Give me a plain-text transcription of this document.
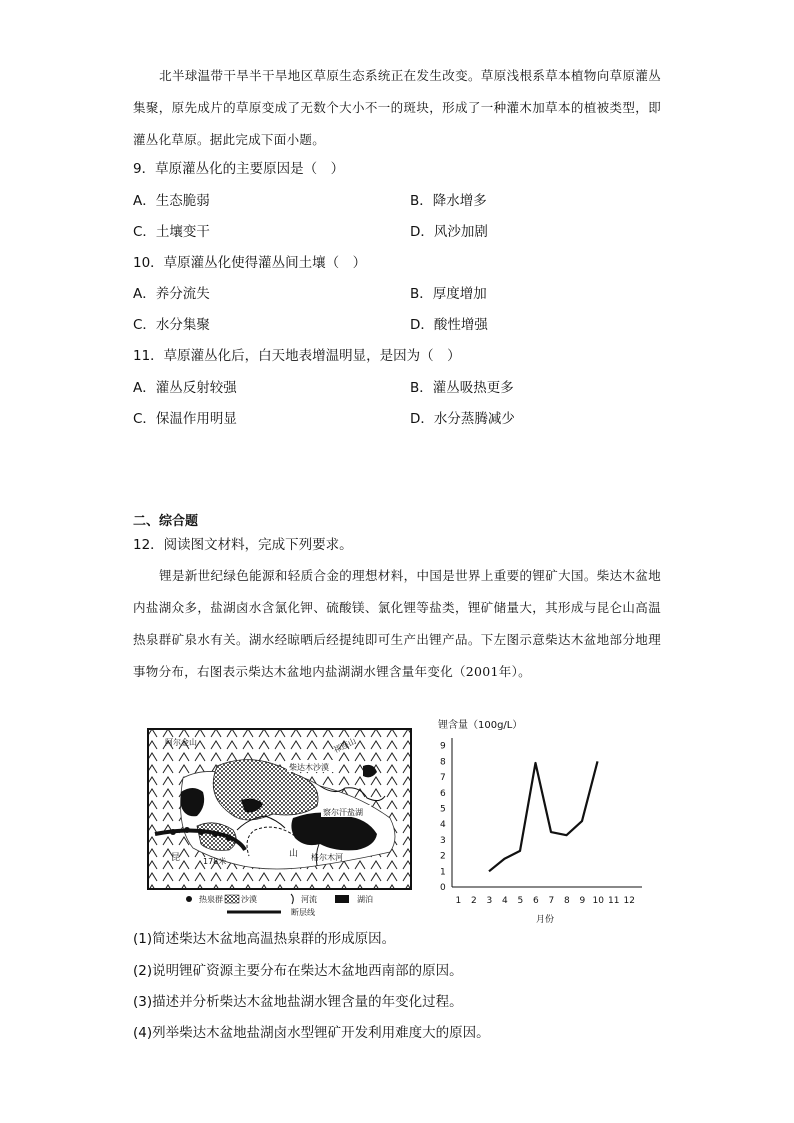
北半球温带干旱半干旱地区草原生态系统正在发生改变。草原浅根系草本植物向草原灌丛集聚，原先成片的草原变成了无数个大小不一的斑块，形成了一种灌木加草本的植被类型，即灌丛化草原。据此完成下面小题。
9．草原灌丛化的主要原因是（　）
A．生态脆弱	B．降水增多
C．土壤变干	D．风沙加剧
10．草原灌丛化使得灌丛间土壤（　）
A．养分流失	B．厚度增加
C．水分集聚	D．酸性增强
11．草原灌丛化后，白天地表增温明显，是因为（　）
A．灌丛反射较强	B．灌丛吸热更多
C．保温作用明显	D．水分蒸腾减少
二、综合题
12．阅读图文材料，完成下列要求。
锂是新世纪绿色能源和轻质合金的理想材料，中国是世界上重要的锂矿大国。柴达木盆地内盐湖众多，盐湖卤水含氯化钾、硫酸镁、氯化锂等盐类，锂矿储量大，其形成与昆仑山高温热泉群矿泉水有关。湖水经晾晒后经提纯即可生产出锂产品。下左图示意柴达木盆地部分地理事物分布，右图表示柴达木盆地内盐湖湖水锂含量年变化（2001年）。
阿尔金山	祁连山
柴达木沙漠
察尔汗盐湖
昆	178米
山 格尔木河
热泉群 沙漠	河流	湖泊
断层线
锂含量（100g/L）
0
1
2
3
4
5
6
7
8
9
1 2 3 4 5 6 7 8 9 10 11 12
月份
(1)简述柴达木盆地高温热泉群的形成原因。
(2)说明锂矿资源主要分布在柴达木盆地西南部的原因。
(3)描述并分析柴达木盆地盐湖水锂含量的年变化过程。
(4)列举柴达木盆地盐湖卤水型锂矿开发利用难度大的原因。
